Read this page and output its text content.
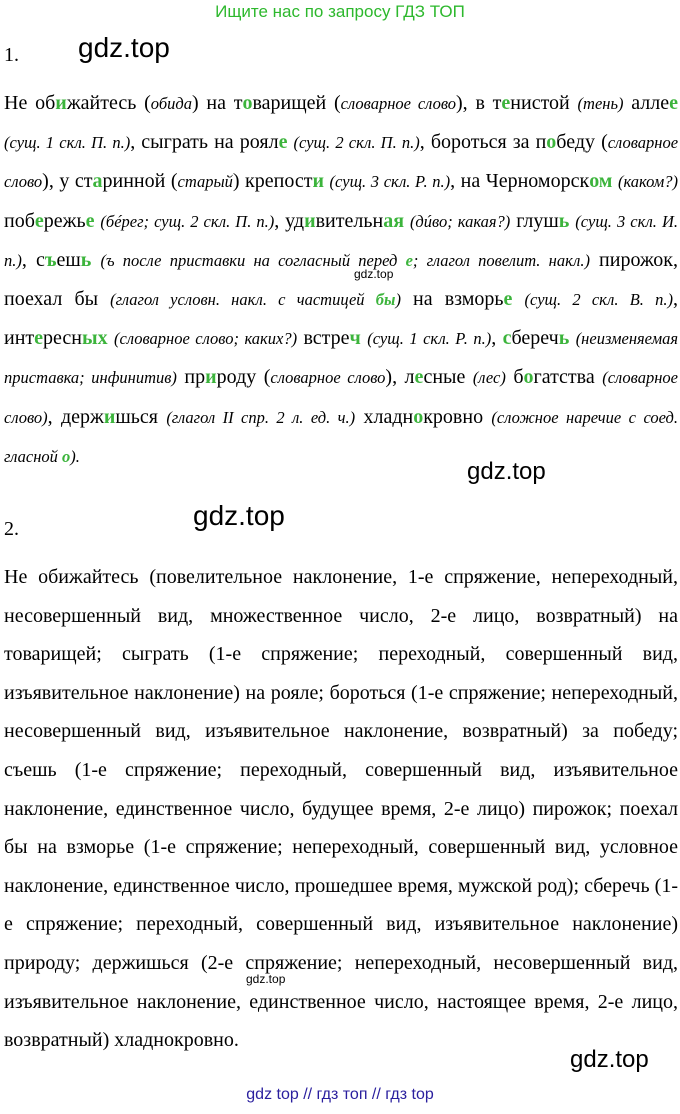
Ищите нас по запросу ГДЗ ТОП
1. gdz.top
Не обижайтесь (обида) на товарищей (словарное слово), в тенистой (тень) аллее (сущ. 1 скл. П. п.), сыграть на рояле (сущ. 2 скл. П. п.), бороться за победу (словарное слово), у старинной (старый) крепости (сущ. 3 скл. Р. п.), на Черноморском (каком?) побережье (бéрег; сущ. 2 скл. П. п.), удивительная (дúво; какая?) глушь (сущ. 3 скл. И. п.), съешь (ъ после приставки на согласный перед е; глагол повелит. накл.) пирожок, поехал бы (глагол условн. накл. с частицей бы) на взморье (сущ. 2 скл. В. п.), интересных (словарное слово; каких?) встреч (сущ. 1 скл. Р. п.), сберечь (неизменяемая приставка; инфинитив) природу (словарное слово), лесные (лес) богатства (словарное слово), держишься (глагол II спр. 2 л. ед. ч.) хладнокровно (сложное наречие с соед. гласной о).
gdz.top
gdz.top
2.	gdz.top
Не обижайтесь (повелительное наклонение, 1-е спряжение, непереходный, несовершенный вид, множественное число, 2-е лицо, возвратный) на товарищей; сыграть (1-е спряжение; переходный, совершенный вид, изъявительное наклонение) на рояле; бороться (1-е спряжение; непереходный, несовершенный вид, изъявительное наклонение, возвратный) за победу; съешь (1-е спряжение; переходный, совершенный вид, изъявительное наклонение, единственное число, будущее время, 2-е лицо) пирожок; поехал бы на взморье (1-е спряжение; непереходный, совершенный вид, условное наклонение, единственное число, прошедшее время, мужской род); сберечь (1-е спряжение; переходный, совершенный вид, изъявительное наклонение) природу; держишься (2-е спряжение; непереходный, несовершенный вид, изъявительное наклонение, единственное число, настоящее время, 2-е лицо, возвратный) хладнокровно.
gdz.top
gdz.top
gdz top // гдз топ // гдз top
